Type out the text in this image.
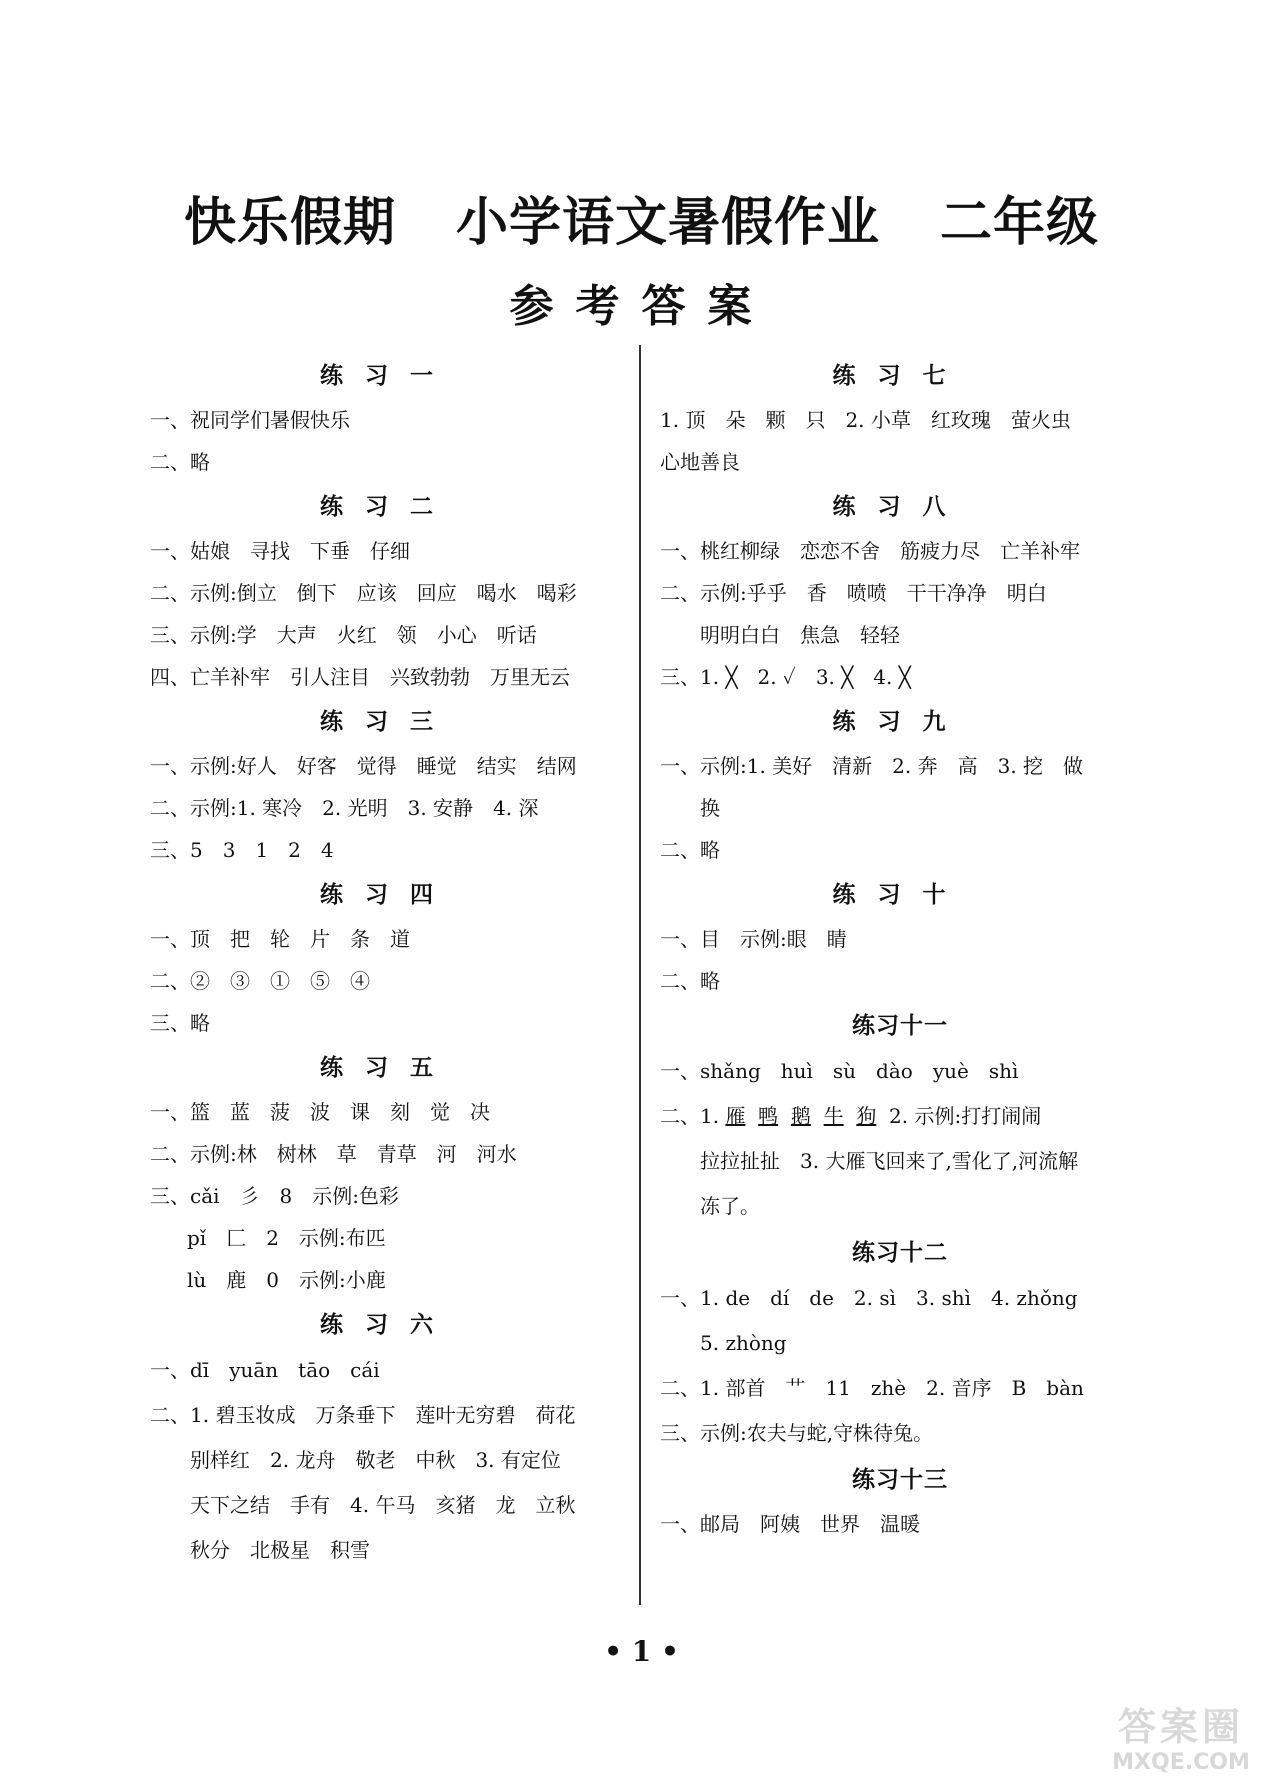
快乐假期 小学语文暑假作业 二年级
参考答案
练习一
一、祝同学们暑假快乐
二、略
练习二
一、姑娘　寻找　下垂　仔细
二、示例:倒立　倒下　应该　回应　喝水　喝彩
三、示例:学　大声　火红　领　小心　听话
四、亡羊补牢　引人注目　兴致勃勃　万里无云
练习三
一、示例:好人　好客　觉得　睡觉　结实　结网
二、示例:1. 寒冷　2. 光明　3. 安静　4. 深
三、5　3　1　2　4
练习四
一、顶　把　轮　片　条　道
二、②　③　①　⑤　④
三、略
练习五
一、篮　蓝　菠　波　课　刻　觉　决
二、示例:林　树林　草　青草　河　河水
三、cǎi　彡　8　示例:色彩
pǐ　匚　2　示例:布匹
lù　鹿　0　示例:小鹿
练习六
一、dī　yuān　tāo　cái
二、1. 碧玉妆成　万条垂下　莲叶无穷碧　荷花
别样红　2. 龙舟　敬老　中秋　3. 有定位
天下之结　手有　4. 午马　亥猪　龙　立秋
秋分　北极星　积雪
练习七
1. 顶　朵　颗　只　2. 小草　红玫瑰　萤火虫
心地善良
练习八
一、桃红柳绿　恋恋不舍　筋疲力尽　亡羊补牢
二、示例:乎乎　香　喷喷　干干净净　明白
明明白白　焦急　轻轻
三、1. ╳　2. ✓　3. ╳　4. ╳
练习九
一、示例:1. 美好　清新　2. 奔　高　3. 挖　做
换
二、略
练习十
一、目　示例:眼　睛
二、略
练习十一
一、shǎng　huì　sù　dào　yuè　shì
二、1. 雁 鸭 鹅 牛 狗 2. 示例:打打闹闹
拉拉扯扯　3. 大雁飞回来了,雪化了,河流解
冻了。
练习十二
一、1. de　dí　de　2. sì　3. shì　4. zhǒng
5. zhòng
二、1. 部首　艹　11　zhè　2. 音序　B　bàn
三、示例:农夫与蛇,守株待兔。
练习十三
一、邮局　阿姨　世界　温暖
• 1 •
答案圈
MXQE.COM
